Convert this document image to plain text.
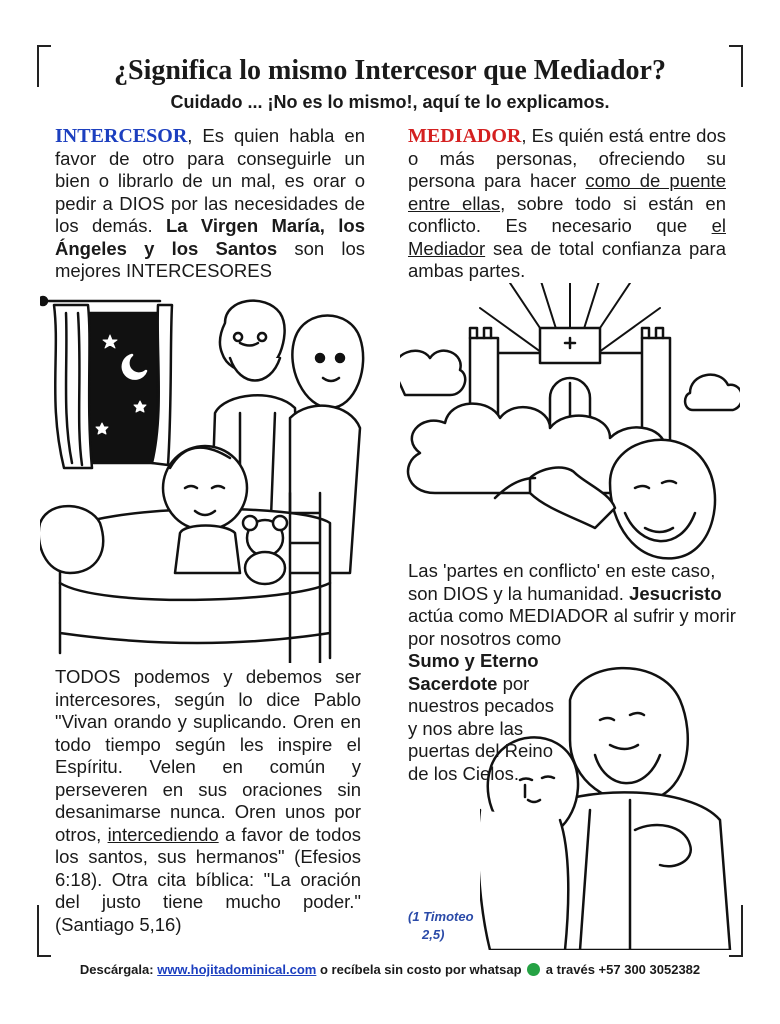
¿Significa lo mismo Intercesor que Mediador?

Cuidado ... ¡No es lo mismo!, aquí te lo explicamos.

INTERCESOR, Es quien habla en favor de otro para conseguirle un bien o librarlo de un mal, es orar o pedir a DIOS por las necesidades de los demás. La Virgen María, los Ángeles y los Santos son los mejores INTERCESORES

MEDIADOR, Es quién está entre dos o más personas, ofreciendo su persona para hacer como de puente entre ellas, sobre todo si están en conflicto. Es necesario que el Mediador sea de total confianza para ambas partes.

TODOS podemos y debemos ser intercesores, según lo dice Pablo "Vivan orando y suplicando. Oren en todo tiempo según les inspire el Espíritu. Velen en común y perseveren en sus oraciones sin desanimarse nunca. Oren unos por otros, intercediendo a favor de todos los santos, sus hermanos" (Efesios 6:18). Otra cita bíblica: "La oración del justo tiene mucho poder." (Santiago 5,16)

Las 'partes en conflicto' en este caso, son DIOS y la humanidad. Jesucristo actúa como MEDIADOR al sufrir y morir por nosotros como

Sumo y Eterno Sacerdote por nuestros pecados y nos abre las puertas del Reino de los Cielos.

(1 Timoteo
2,5)

Descárgala: www.hojitadominical.com o recíbela sin costo por whatsap a través +57 300 3052382
